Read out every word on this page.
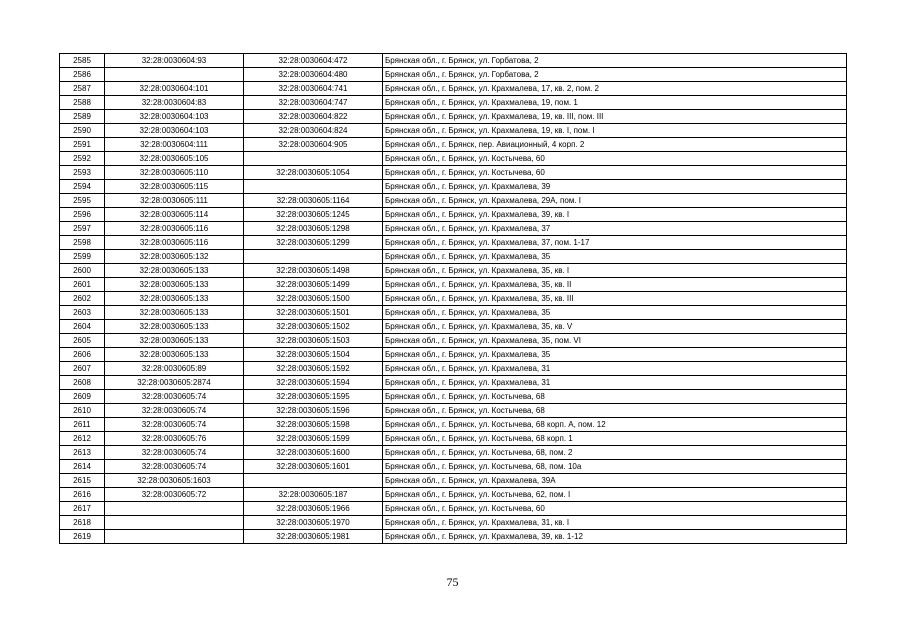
2585	32:28:0030604:93	32:28:0030604:472	Брянская обл., г. Брянск, ул. Горбатова, 2
2586		32:28:0030604:480	Брянская обл., г. Брянск, ул. Горбатова, 2
2587	32:28:0030604:101	32:28:0030604:741	Брянская обл., г. Брянск, ул. Крахмалева, 17, кв. 2, пом. 2
2588	32:28:0030604:83	32:28:0030604:747	Брянская обл., г. Брянск, ул. Крахмалева, 19, пом. 1
2589	32:28:0030604:103	32:28:0030604:822	Брянская обл., г. Брянск, ул. Крахмалева, 19, кв. III, пом. III
2590	32:28:0030604:103	32:28:0030604:824	Брянская обл., г. Брянск, ул. Крахмалева, 19, кв. I, пом. I
2591	32:28:0030604:111	32:28:0030604:905	Брянская обл., г. Брянск, пер. Авиационный, 4 корп. 2
2592	32:28:0030605:105		Брянская обл., г. Брянск, ул. Костычева, 60
2593	32:28:0030605:110	32:28:0030605:1054	Брянская обл., г. Брянск, ул. Костычева, 60
2594	32:28:0030605:115		Брянская обл., г. Брянск, ул. Крахмалева, 39
2595	32:28:0030605:111	32:28:0030605:1164	Брянская обл., г. Брянск, ул. Крахмалева, 29А, пом. I
2596	32:28:0030605:114	32:28:0030605:1245	Брянская обл., г. Брянск, ул. Крахмалева, 39, кв. I
2597	32:28:0030605:116	32:28:0030605:1298	Брянская обл., г. Брянск, ул. Крахмалева, 37
2598	32:28:0030605:116	32:28:0030605:1299	Брянская обл., г. Брянск, ул. Крахмалева, 37, пом. 1-17
2599	32:28:0030605:132		Брянская обл., г. Брянск, ул. Крахмалева, 35
2600	32:28:0030605:133	32:28:0030605:1498	Брянская обл., г. Брянск, ул. Крахмалева, 35, кв. I
2601	32:28:0030605:133	32:28:0030605:1499	Брянская обл., г. Брянск, ул. Крахмалева, 35, кв. II
2602	32:28:0030605:133	32:28:0030605:1500	Брянская обл., г. Брянск, ул. Крахмалева, 35, кв. III
2603	32:28:0030605:133	32:28:0030605:1501	Брянская обл., г. Брянск, ул. Крахмалева, 35
2604	32:28:0030605:133	32:28:0030605:1502	Брянская обл., г. Брянск, ул. Крахмалева, 35, кв. V
2605	32:28:0030605:133	32:28:0030605:1503	Брянская обл., г. Брянск, ул. Крахмалева, 35, пом. VI
2606	32:28:0030605:133	32:28:0030605:1504	Брянская обл., г. Брянск, ул. Крахмалева, 35
2607	32:28:0030605:89	32:28:0030605:1592	Брянская обл., г. Брянск, ул. Крахмалева, 31
2608	32:28:0030605:2874	32:28:0030605:1594	Брянская обл., г. Брянск, ул. Крахмалева, 31
2609	32:28:0030605:74	32:28:0030605:1595	Брянская обл., г. Брянск, ул. Костычева, 68
2610	32:28:0030605:74	32:28:0030605:1596	Брянская обл., г. Брянск, ул. Костычева, 68
2611	32:28:0030605:74	32:28:0030605:1598	Брянская обл., г. Брянск, ул. Костычева, 68 корп. А, пом. 12
2612	32:28:0030605:76	32:28:0030605:1599	Брянская обл., г. Брянск, ул. Костычева, 68 корп. 1
2613	32:28:0030605:74	32:28:0030605:1600	Брянская обл., г. Брянск, ул. Костычева, 68, пом. 2
2614	32:28:0030605:74	32:28:0030605:1601	Брянская обл., г. Брянск, ул. Костычева, 68, пом. 10а
2615	32:28:0030605:1603		Брянская обл., г. Брянск, ул. Крахмалева, 39А
2616	32:28:0030605:72	32:28:0030605:187	Брянская обл., г. Брянск, ул. Костычева, 62, пом. I
2617		32:28:0030605:1966	Брянская обл., г. Брянск, ул. Костычева, 60
2618		32:28:0030605:1970	Брянская обл., г. Брянск, ул. Крахмалева, 31, кв. I
2619		32:28:0030605:1981	Брянская обл., г. Брянск, ул. Крахмалева, 39, кв. 1-12
75
